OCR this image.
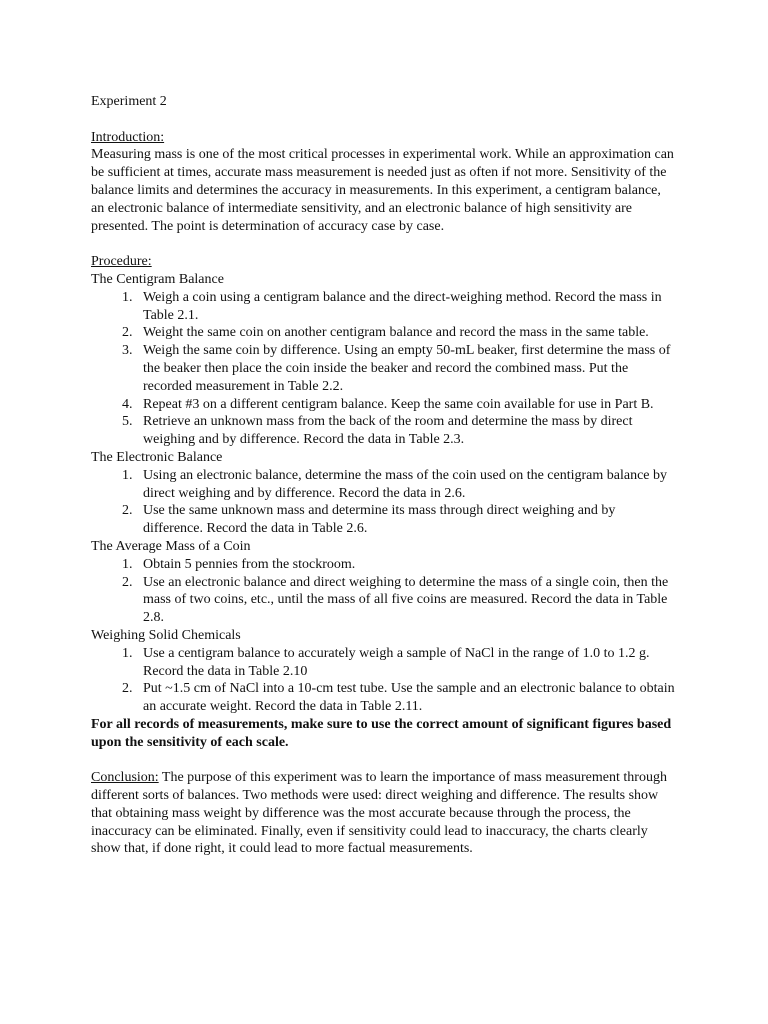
Experiment 2

Introduction:

Measuring mass is one of the most critical processes in experimental work. While an approximation can be sufficient at times, accurate mass measurement is needed just as often if not more. Sensitivity of the balance limits and determines the accuracy in measurements. In this experiment, a centigram balance, an electronic balance of intermediate sensitivity, and an electronic balance of high sensitivity are presented. The point is determination of accuracy case by case.

Procedure:

The Centigram Balance

1. Weigh a coin using a centigram balance and the direct-weighing method. Record the mass in Table 2.1.
2. Weight the same coin on another centigram balance and record the mass in the same table.
3. Weigh the same coin by difference. Using an empty 50-mL beaker, first determine the mass of the beaker then place the coin inside the beaker and record the combined mass. Put the recorded measurement in Table 2.2.
4. Repeat #3 on a different centigram balance. Keep the same coin available for use in Part B.
5. Retrieve an unknown mass from the back of the room and determine the mass by direct weighing and by difference. Record the data in Table 2.3.

The Electronic Balance

1. Using an electronic balance, determine the mass of the coin used on the centigram balance by direct weighing and by difference. Record the data in 2.6.
2. Use the same unknown mass and determine its mass through direct weighing and by difference. Record the data in Table 2.6.

The Average Mass of a Coin

1. Obtain 5 pennies from the stockroom.
2. Use an electronic balance and direct weighing to determine the mass of a single coin, then the mass of two coins, etc., until the mass of all five coins are measured. Record the data in Table 2.8.

Weighing Solid Chemicals

1. Use a centigram balance to accurately weigh a sample of NaCl in the range of 1.0 to 1.2 g. Record the data in Table 2.10
2. Put ~1.5 cm of NaCl into a 10-cm test tube. Use the sample and an electronic balance to obtain an accurate weight. Record the data in Table 2.11.

For all records of measurements, make sure to use the correct amount of significant figures based upon the sensitivity of each scale.

Conclusion: The purpose of this experiment was to learn the importance of mass measurement through different sorts of balances. Two methods were used: direct weighing and difference. The results show that obtaining mass weight by difference was the most accurate because through the process, the inaccuracy can be eliminated. Finally, even if sensitivity could lead to inaccuracy, the charts clearly show that, if done right, it could lead to more factual measurements.
